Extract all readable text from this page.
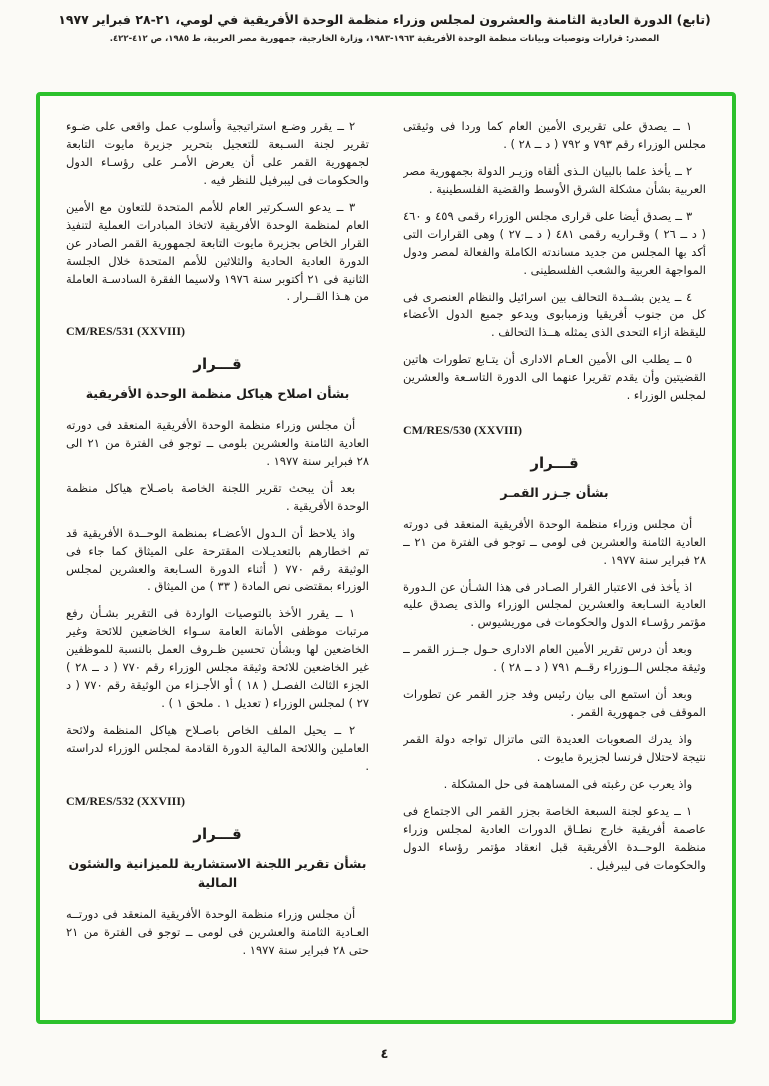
(تابع) الدورة العادية الثامنة والعشرون لمجلس وزراء منظمة الوحدة الأفريقية في لومي، ٢١-٢٨ فبراير ١٩٧٧
المصدر: قرارات وتوصيات وبيانات منظمة الوحدة الأفريقية ١٩٦٣-١٩٨٣، وزارة الخارجية، جمهورية مصر العربية، ط ١٩٨٥، ص ٤١٢-٤٢٢.

١ ــ يصدق على تقريرى الأمين العام كما وردا فى وثيقتى مجلس الوزراء رقم ٧٩٣ و ٧٩٢ ( د ــ ٢٨ ) .

٢ ــ يأخذ علما بالبيان الـذى ألقاه وزيـر الدولة بجمهورية مصر العربية بشأن مشكلة الشرق الأوسط والقضية الفلسطينية .

٣ ــ يصدق أيضا على قرارى مجلس الوزراء رقمى ٤٥٩ و ٤٦٠ ( د ــ ٢٦ ) وقـراريه رقمى ٤٨١ ( د ــ ٢٧ ) وهى القرارات التى أكد بها المجلس من جديد مساندته الكاملة والفعالة لمصر ودول المواجهة العربية والشعب الفلسطينى .

٤ ــ يدين بشــدة التحالف بين اسرائيل والنظام العنصرى فى كل من جنوب أفريقيا وزمبابوى ويدعو جميع الدول الأعضاء لليقظة ازاء التحدى الذى يمثله هــذا التحالف .

٥ ــ يطلب الى الأمين العـام الادارى أن يتـابع تطورات هاتين القضيتين وأن يقدم تقريرا عنهما الى الدورة التاسـعة والعشرين لمجلس الوزراء .

CM/RES/530 (XXVIII)

قـــرار
بشأن جـزر القمـر

أن مجلس وزراء منظمة الوحدة الأفريقية المنعقد فى دورته العادية الثامنة والعشرين فى لومى ــ توجو فى الفترة من ٢١ ــ ٢٨ فبراير سنة ١٩٧٧ .

اذ يأخذ فى الاعتبار القرار الصـادر فى هذا الشـأن عن الـدورة العادية السـابعة والعشرين لمجلس الوزراء والذى يصدق عليه مؤتمر رؤسـاء الدول والحكومات فى موريشيوس .

وبعد أن درس تقرير الأمين العام الادارى حـول جــزر القمر ــ وثيقة مجلس الــوزراء رقــم ٧٩١ ( د ــ ٢٨ ) .

وبعد أن استمع الى بيان رئيس وفد جزر القمر عن تطورات الموقف فى جمهورية القمر .

واذ يدرك الصعوبات العديدة التى ماتزال تواجه دولة القمر نتيجة لاحتلال فرنسا لجزيرة مايوت .

واذ يعرب عن رغبته فى المساهمة فى حل المشكلة .

١ ــ يدعو لجنة السبعة الخاصة بجزر القمر الى الاجتماع فى عاصمة أفريقية خارج نطـاق الدورات العادية لمجلس وزراء منظمة الوحــدة الأفريقية قبل انعقاد مؤتمر رؤساء الدول والحكومات فى ليبرفيل .

٢ ــ يقرر وضـع استراتيجية وأسلوب عمل واقعى على ضـوء تقرير لجنة السـبعة للتعجيل بتحرير جزيرة مايوت التابعة لجمهورية القمر على أن يعرض الأمـر على رؤسـاء الدول والحكومات فى ليبرفيل للنظر فيه .

٣ ــ يدعو السـكرتير العام للأمم المتحدة للتعاون مع الأمين العام لمنظمة الوحدة الأفريقية لاتخاذ المبادرات العملية لتنفيذ القرار الخاص بجزيرة مايوت التابعة لجمهورية القمر الصادر عن الدورة العادية الحادية والثلاثين للأمم المتحدة خلال الجلسة الثانية فى ٢١ أكتوبر سنة ١٩٧٦ ولاسيما الفقرة السادسـة العاملة من هـذا القــرار .

CM/RES/531 (XXVIII)

قـــرار
بشأن اصلاح هياكل منظمة الوحدة الأفريقية

أن مجلس وزراء منظمة الوحدة الأفريقية المنعقد فى دورته العادية الثامنة والعشرين بلومى ــ توجو فى الفترة من ٢١ الى ٢٨ فبراير سنة ١٩٧٧ .

بعد أن يبحث تقرير اللجنة الخاصة باصـلاح هياكل منظمة الوحدة الأفريقية .

واذ يلاحظ أن الـدول الأعضـاء بمنظمة الوحــدة الأفريقية قد تم اخطارهم بالتعديـلات المقترحة على الميثاق كما جاء فى الوثيقة رقم ٧٧٠ ( أثناء الدورة السـابعة والعشرين لمجلس الوزراء بمقتضى نص المادة ( ٣٣ ) من الميثاق .

١ ــ يقرر الأخذ بالتوصيات الواردة فى التقرير بشـأن رفع مرتبات موظفى الأمانة العامة سـواء الخاضعين للائحة وغير الخاضعين لها وبشأن تحسين ظـروف العمل بالنسبة للموظفين غير الخاضعين للائحة وثيقة مجلس الوزراء رقم ٧٧٠ ( د ــ ٢٨ ) الجزء الثالث الفصـل ( ١٨ ) أو الأجـزاء من الوثيقة رقم ٧٧٠ ( د ٢٧ ) لمجلس الوزراء ( تعديل ١ . ملحق ١ ) .

٢ ــ يحيل الملف الخاص باصـلاح هياكل المنظمة ولائحة العاملين واللائحة المالية الدورة القادمة لمجلس الوزراء لدراسته .

CM/RES/532 (XXVIII)

قـــرار
بشأن تقرير اللجنة الاستشارية للميزانية والشئون المالية

أن مجلس وزراء منظمة الوحدة الأفريقية المنعقد فى دورتــه العـادية الثامنة والعشرين فى لومى ــ توجو فى الفترة من ٢١ حتى ٢٨ فبراير سنة ١٩٧٧ .

٤
